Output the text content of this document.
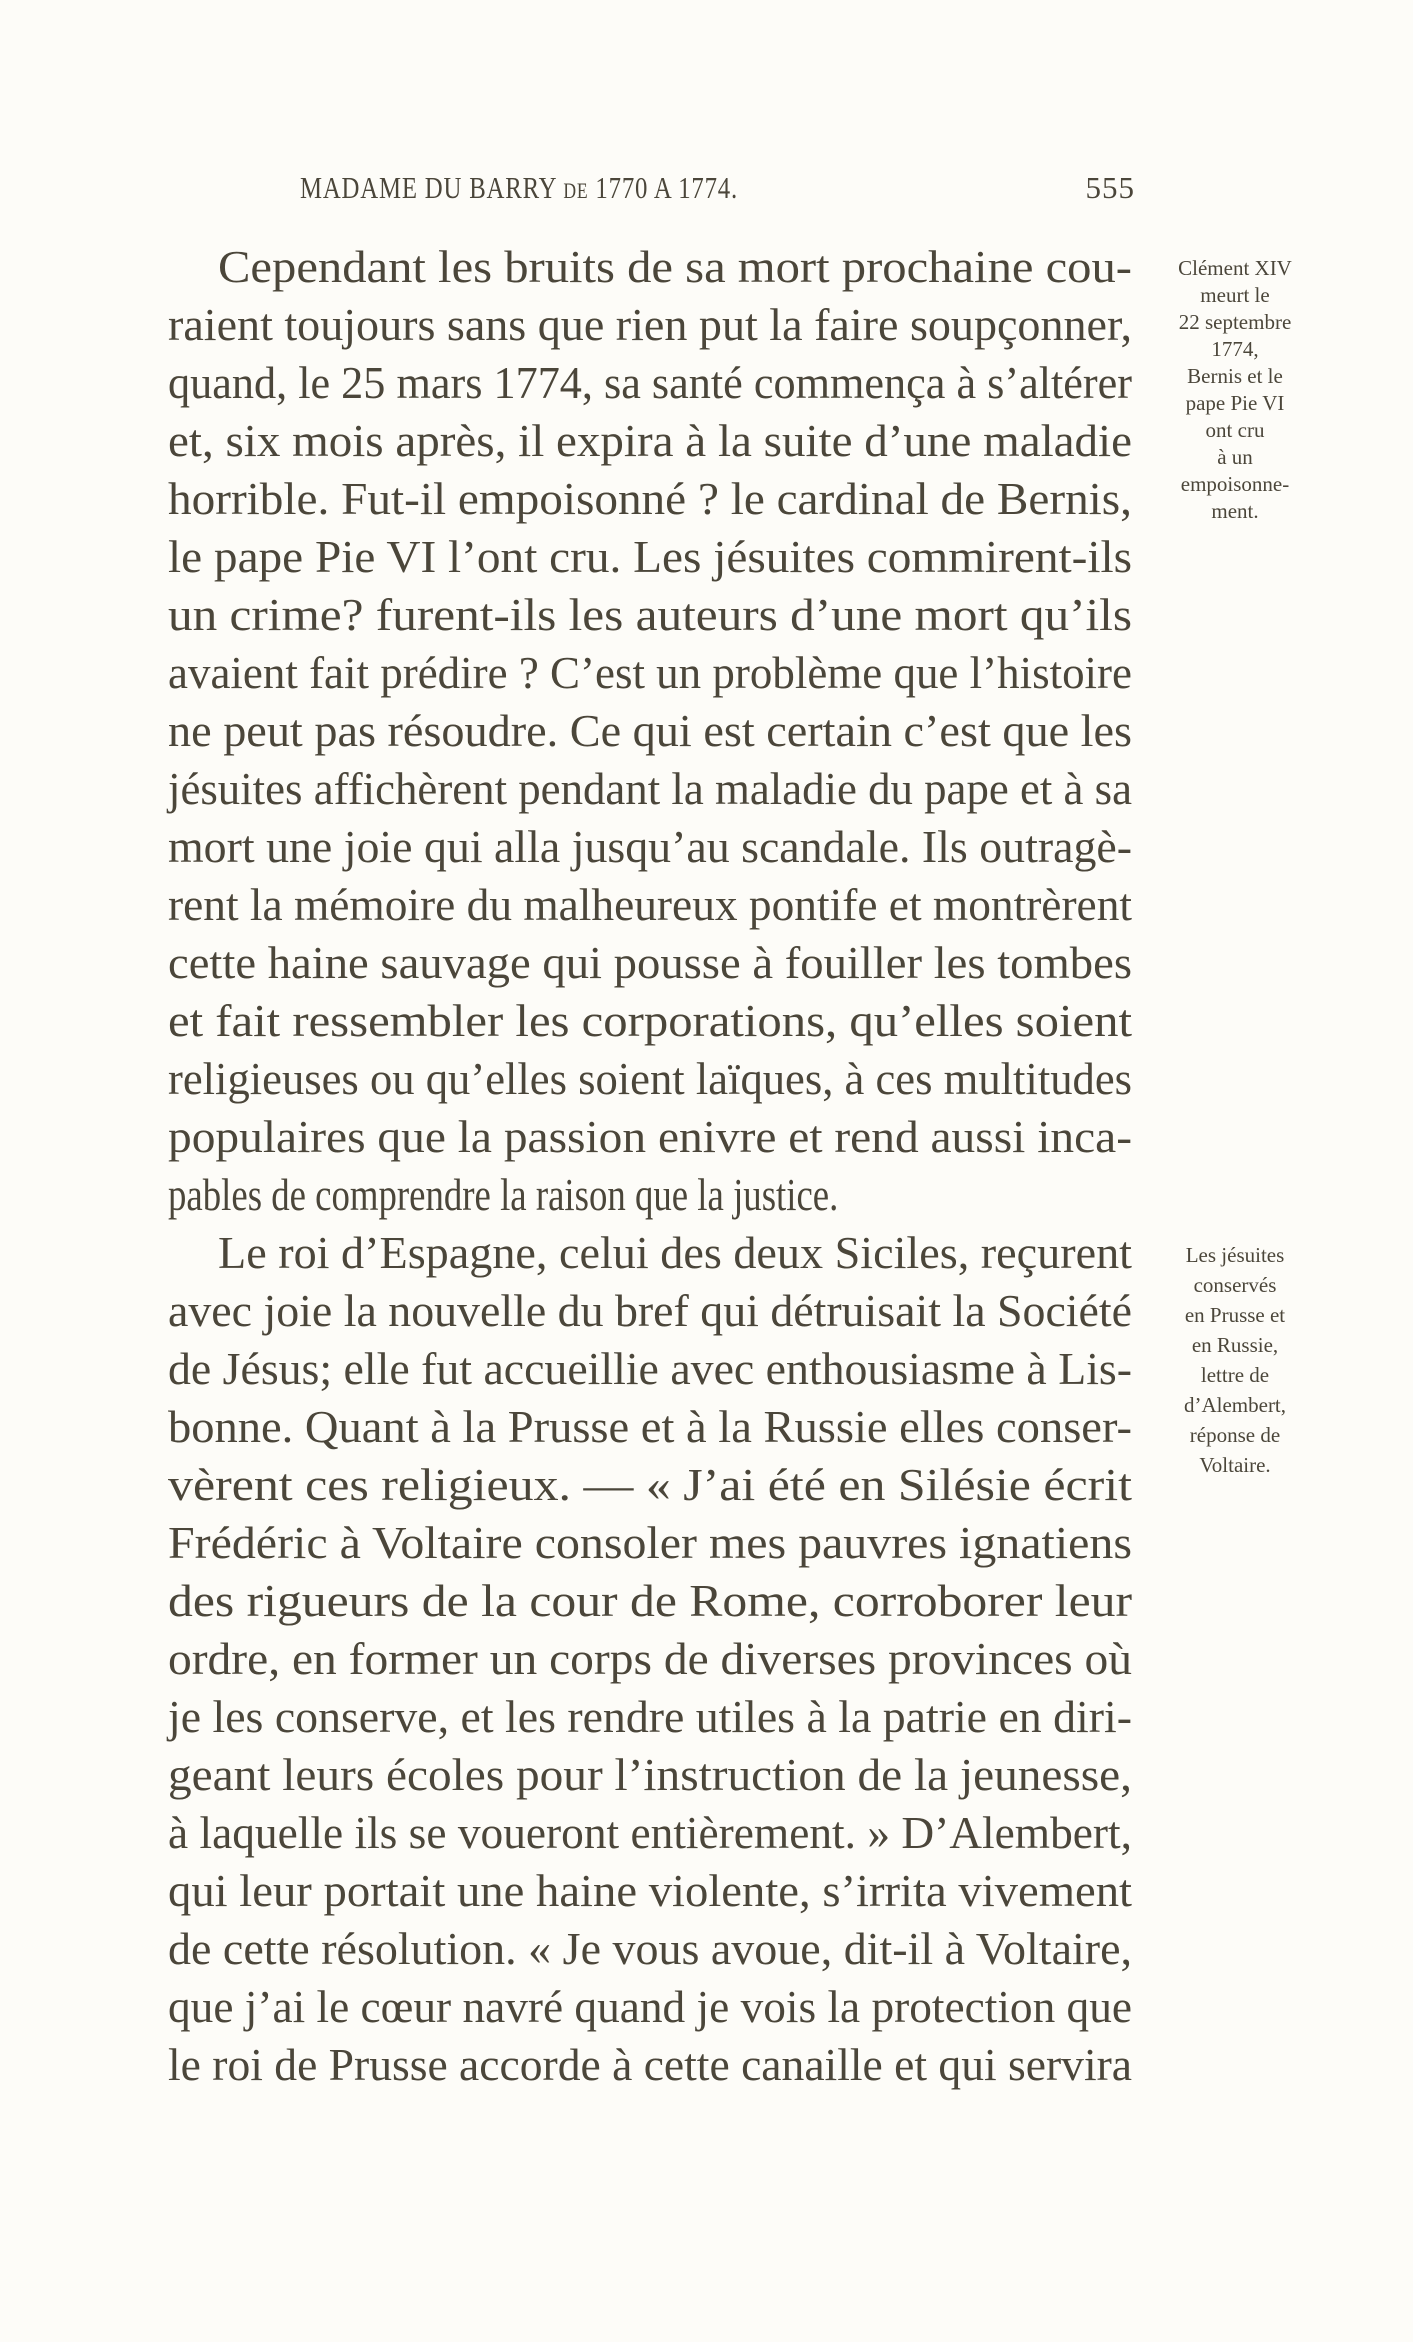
MADAME DU BARRY DE 1770 A 1774.	555
Cependant les bruits de sa mort prochaine cou-
raient toujours sans que rien put la faire soupçonner,
quand, le 25 mars 1774, sa santé commença à s’altérer
et, six mois après, il expira à la suite d’une maladie
horrible. Fut-il empoisonné ? le cardinal de Bernis,
le pape Pie VI l’ont cru. Les jésuites commirent-ils
un crime? furent-ils les auteurs d’une mort qu’ils
avaient fait prédire ? C’est un problème que l’histoire
ne peut pas résoudre. Ce qui est certain c’est que les
jésuites affichèrent pendant la maladie du pape et à sa
mort une joie qui alla jusqu’au scandale. Ils outragè-
rent la mémoire du malheureux pontife et montrèrent
cette haine sauvage qui pousse à fouiller les tombes
et fait ressembler les corporations, qu’elles soient
religieuses ou qu’elles soient laïques, à ces multitudes
populaires que la passion enivre et rend aussi inca-
pables de comprendre la raison que la justice.
Le roi d’Espagne, celui des deux Siciles, reçurent
avec joie la nouvelle du bref qui détruisait la Société
de Jésus; elle fut accueillie avec enthousiasme à Lis-
bonne. Quant à la Prusse et à la Russie elles conser-
vèrent ces religieux. — « J’ai été en Silésie écrit
Frédéric à Voltaire consoler mes pauvres ignatiens
des rigueurs de la cour de Rome, corroborer leur
ordre, en former un corps de diverses provinces où
je les conserve, et les rendre utiles à la patrie en diri-
geant leurs écoles pour l’instruction de la jeunesse,
à laquelle ils se voueront entièrement. » D’Alembert,
qui leur portait une haine violente, s’irrita vivement
de cette résolution. « Je vous avoue, dit-il à Voltaire,
que j’ai le cœur navré quand je vois la protection que
le roi de Prusse accorde à cette canaille et qui servira
Clément XIV
meurt le
22 septembre
1774,
Bernis et le
pape Pie VI
ont cru
à un
empoisonne-
ment.
Les jésuites
conservés
en Prusse et
en Russie,
lettre de
d’Alembert,
réponse de
Voltaire.
